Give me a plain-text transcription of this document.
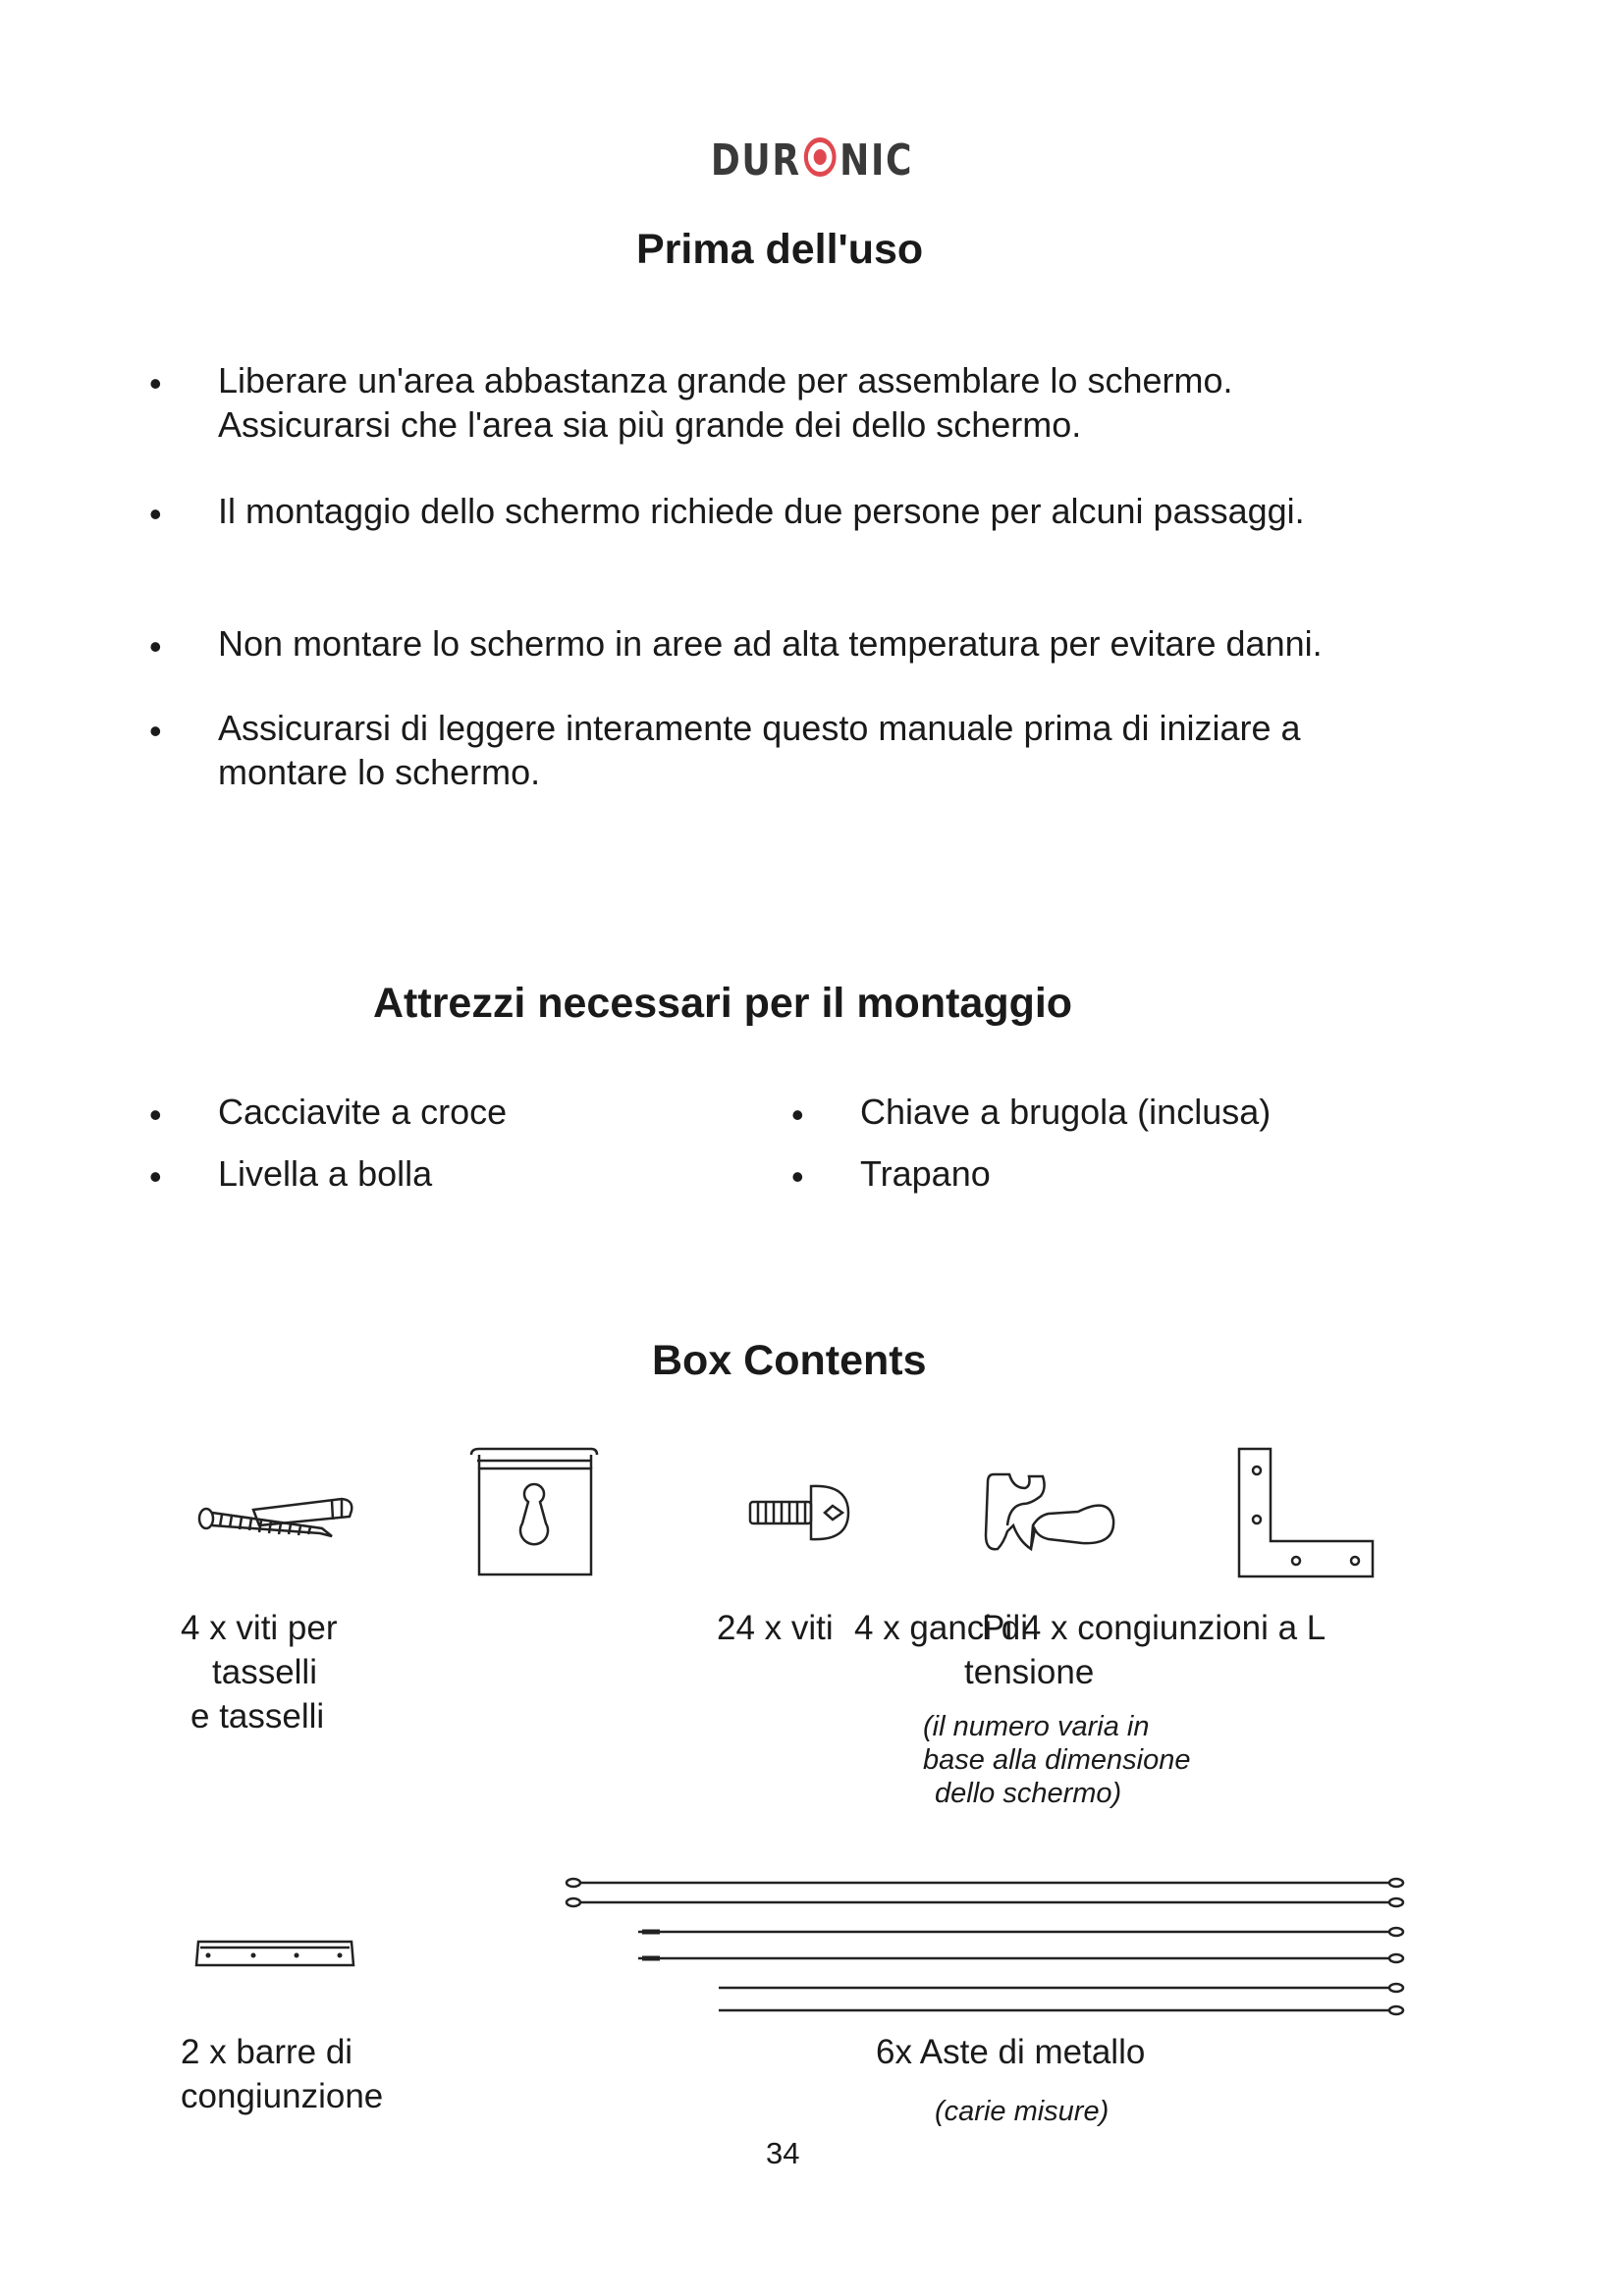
DUR NIC
Prima dell'uso
• Liberare un'area abbastanza grande per assemblare lo schermo.
Assicurarsi che l'area sia più grande dei dello schermo.
• Il montaggio dello schermo richiede due persone per alcuni passaggi.
• Non montare lo schermo in aree ad alta temperatura per evitare danni.
• Assicurarsi di leggere interamente questo manuale prima di iniziare a
montare lo schermo.
Attrezzi necessari per il montaggio
• Cacciavite a croce
• Livella a bolla
• Chiave a brugola (inclusa)
• Trapano
Box Contents
4 x viti per
tasselli
e tasselli
24 x viti 4 x ganci di
tensione
Pi 4 x congiunzioni a L
(il numero varia in
base alla dimensione
dello schermo)
2 x barre di
congiunzione
6x Aste di metallo
(carie misure)
34
